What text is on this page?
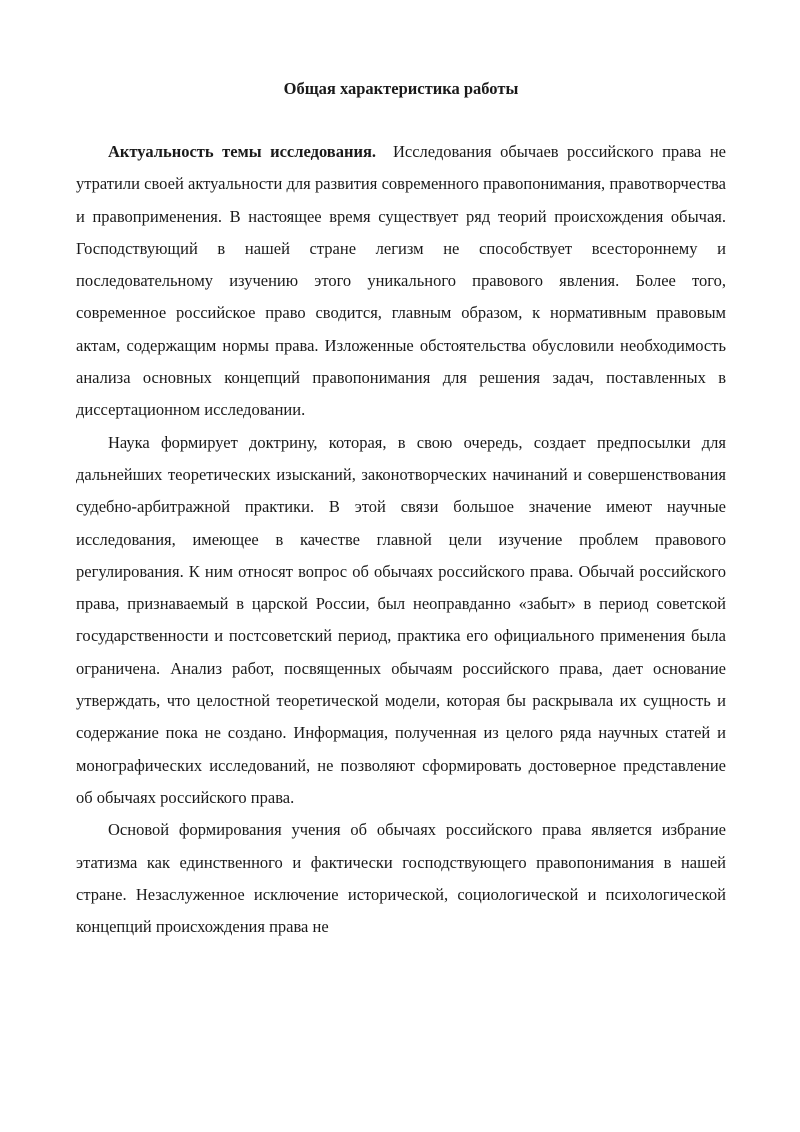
Общая характеристика работы

Актуальность темы исследования. Исследования обычаев российского права не утратили своей актуальности для развития современного правопонимания, правотворчества и правоприменения. В настоящее время существует ряд теорий происхождения обычая. Господствующий в нашей стране легизм не способствует всестороннему и последовательному изучению этого уникального правового явления. Более того, современное российское право сводится, главным образом, к нормативным правовым актам, содержащим нормы права. Изложенные обстоятельства обусловили необходимость анализа основных концепций правопонимания для решения задач, поставленных в диссертационном исследовании.

Наука формирует доктрину, которая, в свою очередь, создает предпосылки для дальнейших теоретических изысканий, законотворческих начинаний и совершенствования судебно-арбитражной практики. В этой связи большое значение имеют научные исследования, имеющее в качестве главной цели изучение проблем правового регулирования. К ним относят вопрос об обычаях российского права. Обычай российского права, признаваемый в царской России, был неоправданно «забыт» в период советской государственности и постсоветский период, практика его официального применения была ограничена. Анализ работ, посвященных обычаям российского права, дает основание утверждать, что целостной теоретической модели, которая бы раскрывала их сущность и содержание пока не создано. Информация, полученная из целого ряда научных статей и монографических исследований, не позволяют сформировать достоверное представление об обычаях российского права.

Основой формирования учения об обычаях российского права является избрание этатизма как единственного и фактически господствующего правопонимания в нашей стране. Незаслуженное исключение исторической, социологической и психологической концепций происхождения права не
